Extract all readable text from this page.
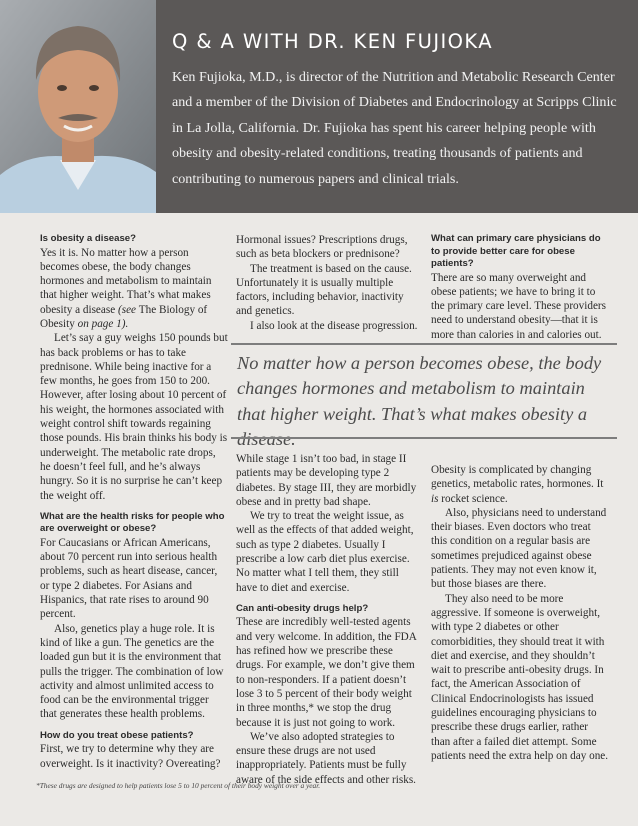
Q & A WITH DR. KEN FUJIOKA
Ken Fujioka, M.D., is director of the Nutrition and Metabolic Research Center and a member of the Division of Diabetes and Endocrinology at Scripps Clinic in La Jolla, California. Dr. Fujioka has spent his career helping people with obesity and obesity-related conditions, treating thousands of patients and contributing to numerous papers and clinical trials.
Is obesity a disease?

Yes it is. No matter how a person becomes obese, the body changes hormones and metabolism to maintain that higher weight. That’s what makes obesity a disease (see The Biology of Obesity on page 1).

Let’s say a guy weighs 150 pounds but has back problems or has to take prednisone. While being inactive for a few months, he goes from 150 to 200. However, after losing about 10 percent of his weight, the hormones associated with weight control shift towards regaining those pounds. His brain thinks his body is underweight. The metabolic rate drops, he doesn’t feel full, and he’s always hungry. So it is no surprise he can’t keep the weight off.

What are the health risks for people who are overweight or obese?

For Caucasians or African Americans, about 70 percent run into serious health problems, such as heart disease, cancer, or type 2 diabetes. For Asians and Hispanics, that rate rises to around 90 percent.

Also, genetics play a huge role. It is kind of like a gun. The genetics are the loaded gun but it is the environment that pulls the trigger. The combination of low activity and almost unlimited access to food can be the environmental trigger that generates these health problems.

How do you treat obese patients?

First, we try to determine why they are overweight. Is it inactivity? Overeating?

Hormonal issues? Prescriptions drugs, such as beta blockers or prednisone?

The treatment is based on the cause. Unfortunately it is usually multiple factors, including behavior, inactivity and genetics.

I also look at the disease progression.

What can primary care physicians do to provide better care for obese patients?

There are so many overweight and obese patients; we have to bring it to the primary care level. These providers need to understand obesity—that it is more than calories in and calories out.

No matter how a person becomes obese, the body changes hormones and metabolism to maintain that higher weight. That’s what makes obesity a disease.

While stage 1 isn’t too bad, in stage II patients may be developing type 2 diabetes. By stage III, they are morbidly obese and in pretty bad shape.

We try to treat the weight issue, as well as the effects of that added weight, such as type 2 diabetes. Usually I prescribe a low carb diet plus exercise. No matter what I tell them, they still have to diet and exercise.

Can anti-obesity drugs help?

These are incredibly well-tested agents and very welcome. In addition, the FDA has refined how we prescribe these drugs. For example, we don’t give them to non-responders. If a patient doesn’t lose 3 to 5 percent of their body weight in three months,* we stop the drug because it is just not going to work.

We’ve also adopted strategies to ensure these drugs are not used inappropriately. Patients must be fully aware of the side effects and other risks.

Obesity is complicated by changing genetics, metabolic rates, hormones. It is rocket science.

Also, physicians need to understand their biases. Even doctors who treat this condition on a regular basis are sometimes prejudiced against obese patients. They may not even know it, but those biases are there.

They also need to be more aggressive. If someone is overweight, with type 2 diabetes or other comorbidities, they should treat it with diet and exercise, and they shouldn’t wait to prescribe anti-obesity drugs. In fact, the American Association of Clinical Endocrinologists has issued guidelines encouraging physicians to prescribe these drugs earlier, rather than after a failed diet attempt. Some patients need the extra help on day one.

*These drugs are designed to help patients lose 5 to 10 percent of their body weight over a year.
